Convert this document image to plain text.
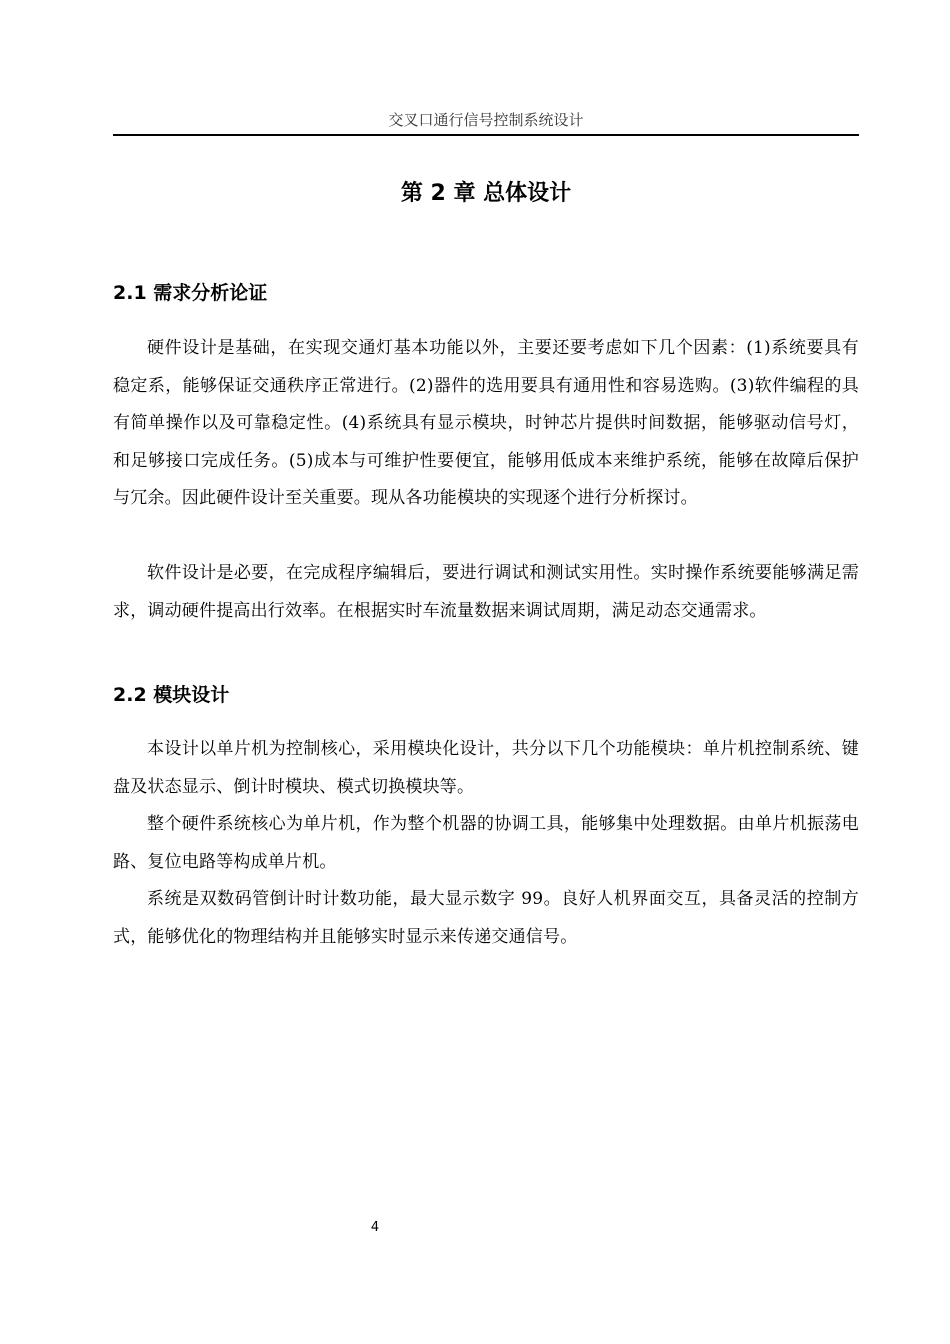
交叉口通行信号控制系统设计
第 2 章 总体设计
2.1 需求分析论证

硬件设计是基础，在实现交通灯基本功能以外，主要还要考虑如下几个因素：(1)系统要具有稳定系，能够保证交通秩序正常进行。(2)器件的选用要具有通用性和容易选购。(3)软件编程的具有简单操作以及可靠稳定性。(4)系统具有显示模块，时钟芯片提供时间数据，能够驱动信号灯，和足够接口完成任务。(5)成本与可维护性要便宜，能够用低成本来维护系统，能够在故障后保护与冗余。因此硬件设计至关重要。现从各功能模块的实现逐个进行分析探讨。

软件设计是必要，在完成程序编辑后，要进行调试和测试实用性。实时操作系统要能够满足需求，调动硬件提高出行效率。在根据实时车流量数据来调试周期，满足动态交通需求。

2.2 模块设计

本设计以单片机为控制核心，采用模块化设计，共分以下几个功能模块：单片机控制系统、键盘及状态显示、倒计时模块、模式切换模块等。

整个硬件系统核心为单片机，作为整个机器的协调工具，能够集中处理数据。由单片机振荡电路、复位电路等构成单片机。

系统是双数码管倒计时计数功能，最大显示数字 99。良好人机界面交互，具备灵活的控制方式，能够优化的物理结构并且能够实时显示来传递交通信号。

4
